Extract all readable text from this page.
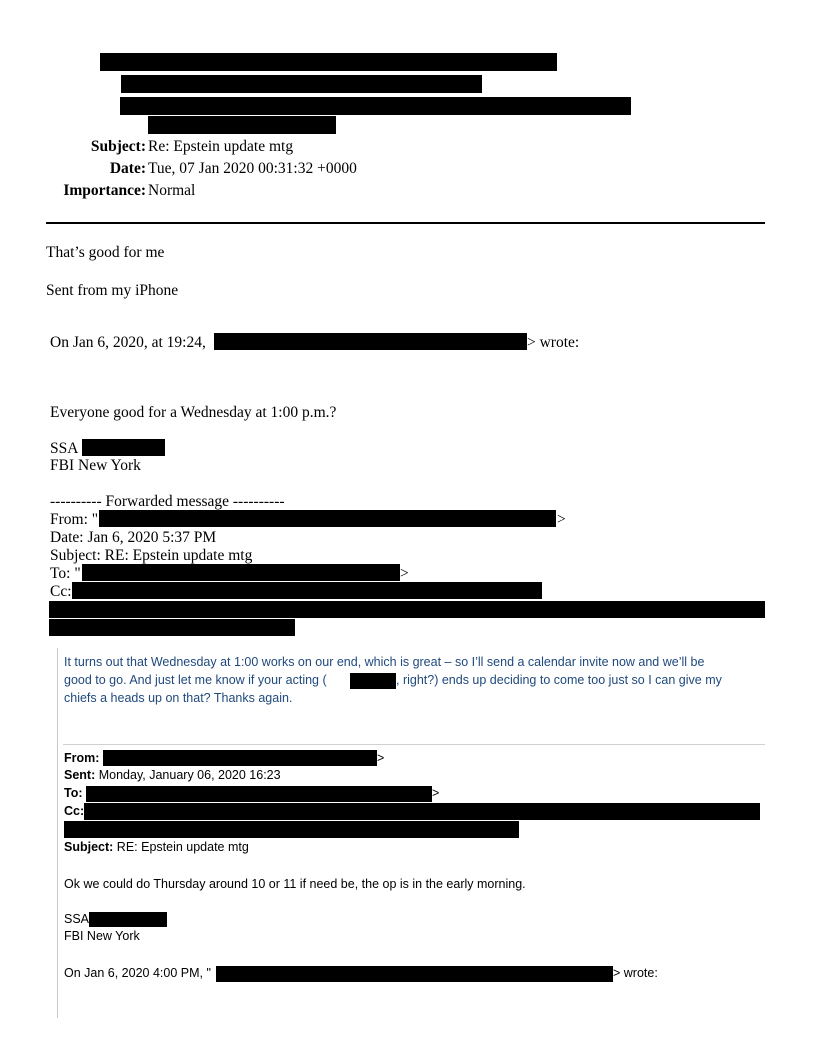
Subject: Re: Epstein update mtg
Date: Tue, 07 Jan 2020 00:31:32 +0000
Importance: Normal
That’s good for me
Sent from my iPhone
On Jan 6, 2020, at 19:24,	> wrote:
Everyone good for a Wednesday at 1:00 p.m.?
SSA
FBI New York
---------- Forwarded message ----------
From: "	>
Date: Jan 6, 2020 5:37 PM
Subject: RE: Epstein update mtg
To: "	>
Cc:
It turns out that Wednesday at 1:00 works on our end, which is great – so I’ll send a calendar invite now and we’ll be
good to go. And just let me know if your acting (	, right?) ends up deciding to come too just so I can give my
chiefs a heads up on that? Thanks again.
From:	>
Sent: Monday, January 06, 2020 16:23
To:	>
Cc:
Subject: RE: Epstein update mtg
Ok we could do Thursday around 10 or 11 if need be, the op is in the early morning.
SSA
FBI New York
On Jan 6, 2020 4:00 PM, "	> wrote:
